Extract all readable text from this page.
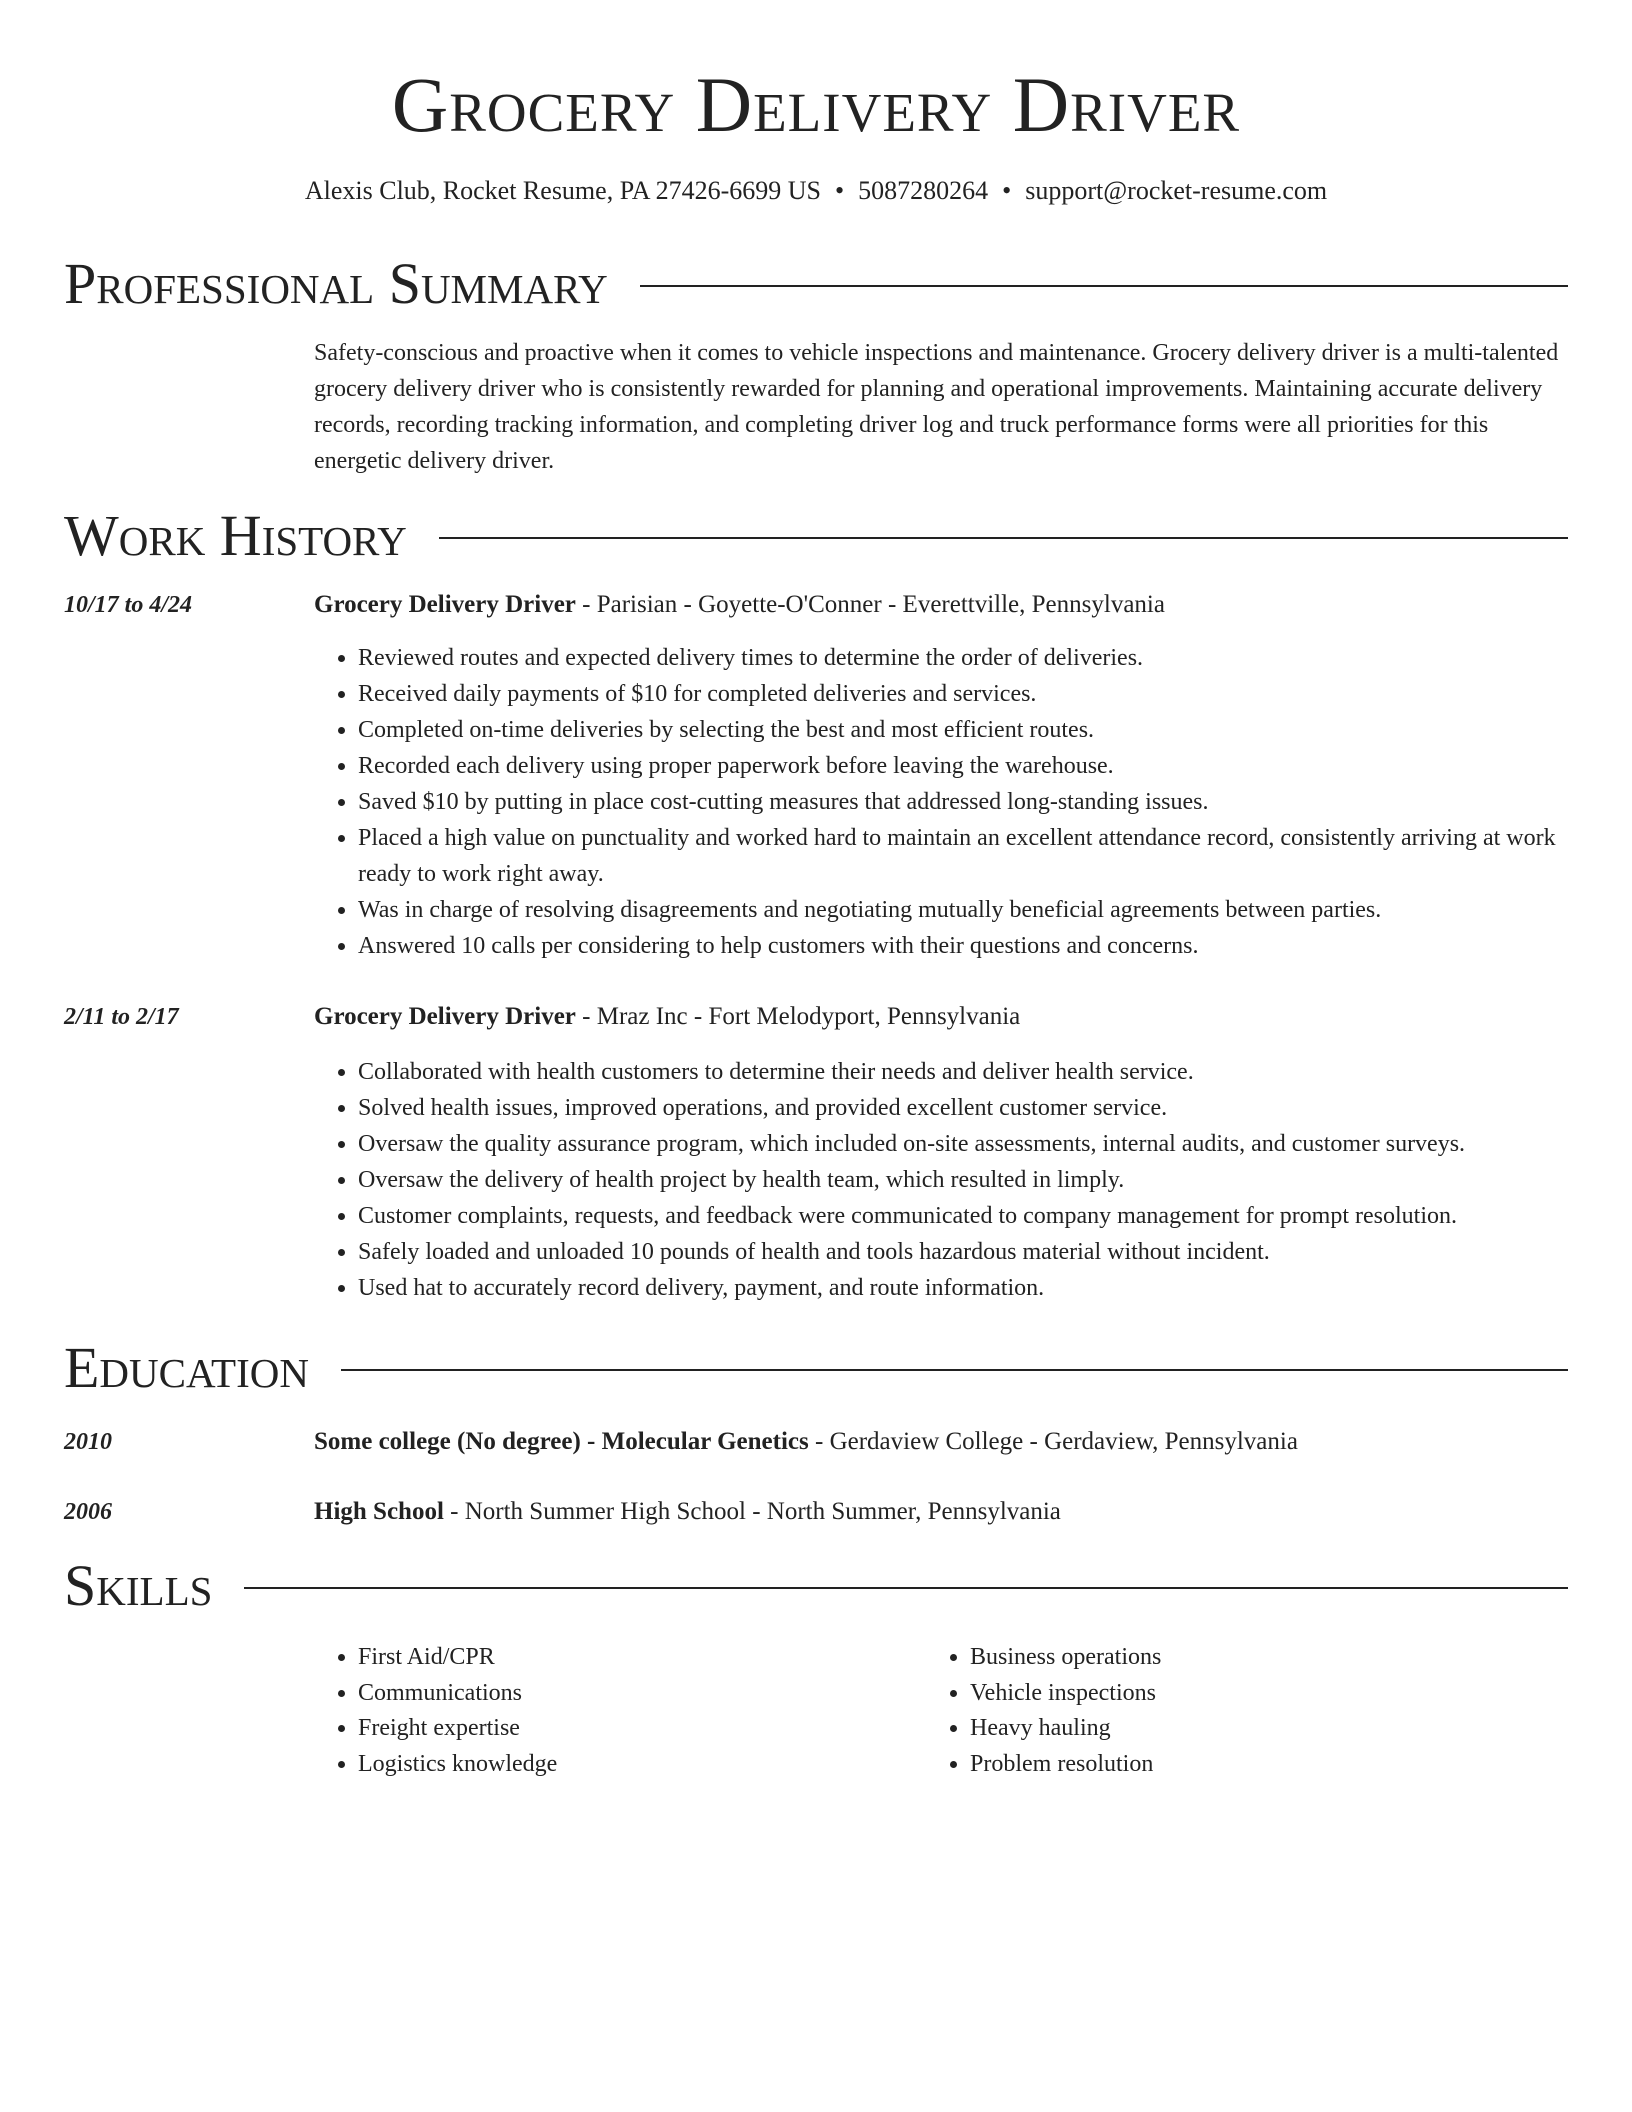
Grocery Delivery Driver
Alexis Club, Rocket Resume, PA 27426-6699 US • 5087280264 • support@rocket-resume.com
Professional Summary

Safety-conscious and proactive when it comes to vehicle inspections and maintenance. Grocery delivery driver is a multi-talented grocery delivery driver who is consistently rewarded for planning and operational improvements. Maintaining accurate delivery records, recording tracking information, and completing driver log and truck performance forms were all priorities for this energetic delivery driver.

Work History
10/17 to 4/24	Grocery Delivery Driver - Parisian - Goyette-O'Conner - Everettville, Pennsylvania
• Reviewed routes and expected delivery times to determine the order of deliveries.
• Received daily payments of $10 for completed deliveries and services.
• Completed on-time deliveries by selecting the best and most efficient routes.
• Recorded each delivery using proper paperwork before leaving the warehouse.
• Saved $10 by putting in place cost-cutting measures that addressed long-standing issues.
• Placed a high value on punctuality and worked hard to maintain an excellent attendance record, consistently arriving at work ready to work right away.
• Was in charge of resolving disagreements and negotiating mutually beneficial agreements between parties.
• Answered 10 calls per considering to help customers with their questions and concerns.
2/11 to 2/17	Grocery Delivery Driver - Mraz Inc - Fort Melodyport, Pennsylvania
• Collaborated with health customers to determine their needs and deliver health service.
• Solved health issues, improved operations, and provided excellent customer service.
• Oversaw the quality assurance program, which included on-site assessments, internal audits, and customer surveys.
• Oversaw the delivery of health project by health team, which resulted in limply.
• Customer complaints, requests, and feedback were communicated to company management for prompt resolution.
• Safely loaded and unloaded 10 pounds of health and tools hazardous material without incident.
• Used hat to accurately record delivery, payment, and route information.
Education
2010	Some college (No degree) - Molecular Genetics - Gerdaview College - Gerdaview, Pennsylvania
2006	High School - North Summer High School - North Summer, Pennsylvania
Skills
• First Aid/CPR
• Communications
• Freight expertise
• Logistics knowledge
• Business operations
• Vehicle inspections
• Heavy hauling
• Problem resolution
